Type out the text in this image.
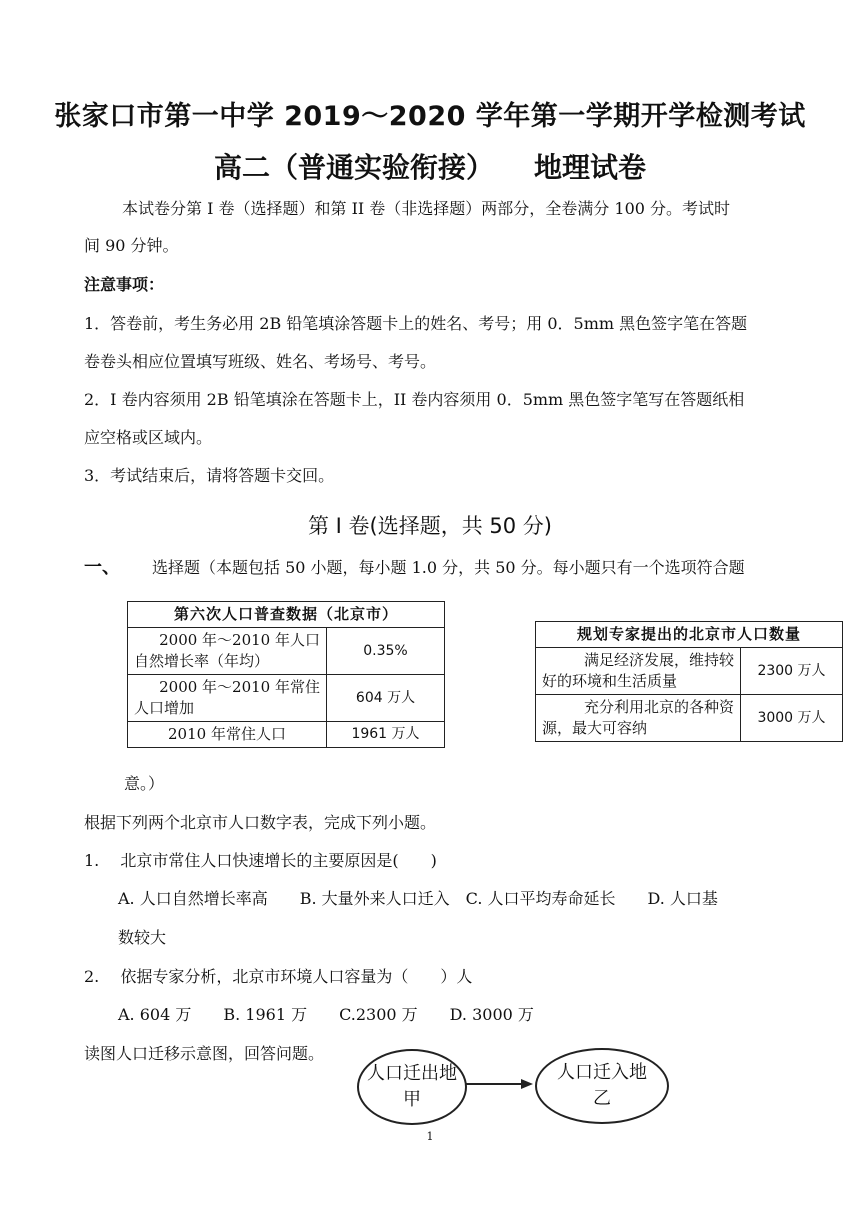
张家口市第一中学 2019～2020 学年第一学期开学检测考试
高二（普通实验衔接） 地理试卷
本试卷分第 I 卷（选择题）和第 II 卷（非选择题）两部分，全卷满分 100 分。考试时
间 90 分钟。
注意事项：
1．答卷前，考生务必用 2B 铅笔填涂答题卡上的姓名、考号；用 0．5mm 黑色签字笔在答题
卷卷头相应位置填写班级、姓名、考场号、考号。
2．I 卷内容须用 2B 铅笔填涂在答题卡上，II 卷内容须用 0．5mm 黑色签字笔写在答题纸相
应空格或区域内。
3．考试结束后，请将答题卡交回。
第 I 卷(选择题，共 50 分)
一、 选择题（本题包括 50 小题，每小题 1.0 分，共 50 分。每小题只有一个选项符合题
第六次人口普查数据（北京市）	

2000 年～2010 年人口
自然增长率（年均）	0.35%

2000 年～2010 年常住
人口增加	604 万人
2010 年常住人口	1961 万人
规划专家提出的北京市人口数量	

满足经济发展，维持较
好的环境和生活质量	2300 万人

充分利用北京的各种资
源，最大可容纳	3000 万人
意。）
根据下列两个北京市人口数字表，完成下列小题。
1.　 北京市常住人口快速增长的主要原因是(　　)
A. 人口自然增长率高　　B. 大量外来人口迁入　C. 人口平均寿命延长　　D. 人口基
数较大
2.　 依据专家分析，北京市环境人口容量为（　　）人
A. 604 万　　B. 1961 万　　C.2300 万　　D. 3000 万
读图人口迁移示意图，回答问题。
人口迁出地
甲
人口迁入地
乙
1
